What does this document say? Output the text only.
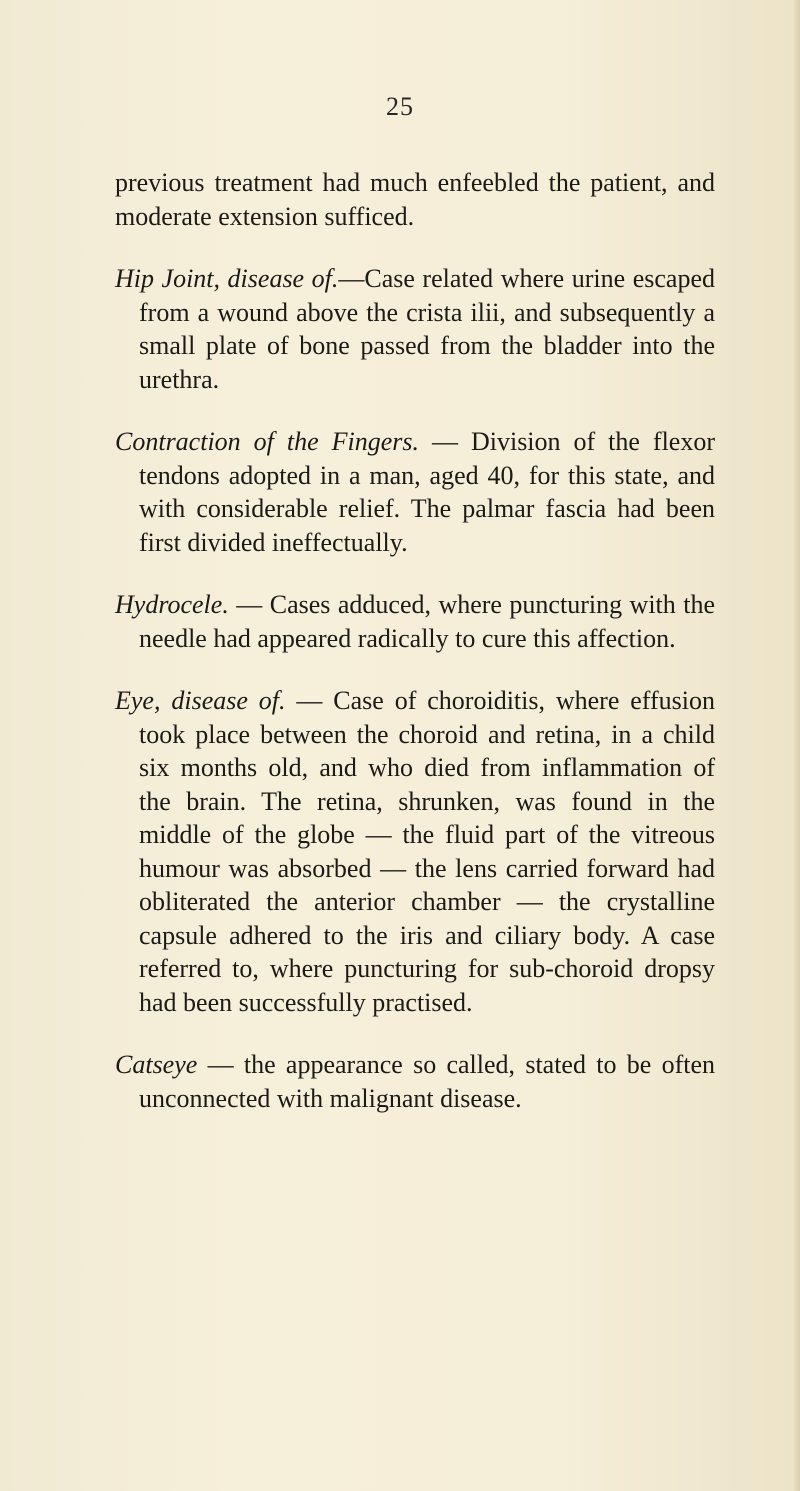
25

previous treatment had much enfeebled the patient, and moderate extension sufficed.

Hip Joint, disease of.—Case related where urine escaped from a wound above the crista ilii, and subsequently a small plate of bone passed from the bladder into the urethra.

Contraction of the Fingers. — Division of the flexor tendons adopted in a man, aged 40, for this state, and with considerable relief. The palmar fascia had been first divided ineffectually.

Hydrocele. — Cases adduced, where puncturing with the needle had appeared radically to cure this affection.

Eye, disease of. — Case of choroiditis, where effusion took place between the choroid and retina, in a child six months old, and who died from inflammation of the brain. The retina, shrunken, was found in the middle of the globe — the fluid part of the vitreous humour was absorbed — the lens carried forward had obliterated the anterior chamber — the crystalline capsule adhered to the iris and ciliary body. A case referred to, where puncturing for sub-choroid dropsy had been successfully practised.

Catseye — the appearance so called, stated to be often unconnected with malignant disease.
